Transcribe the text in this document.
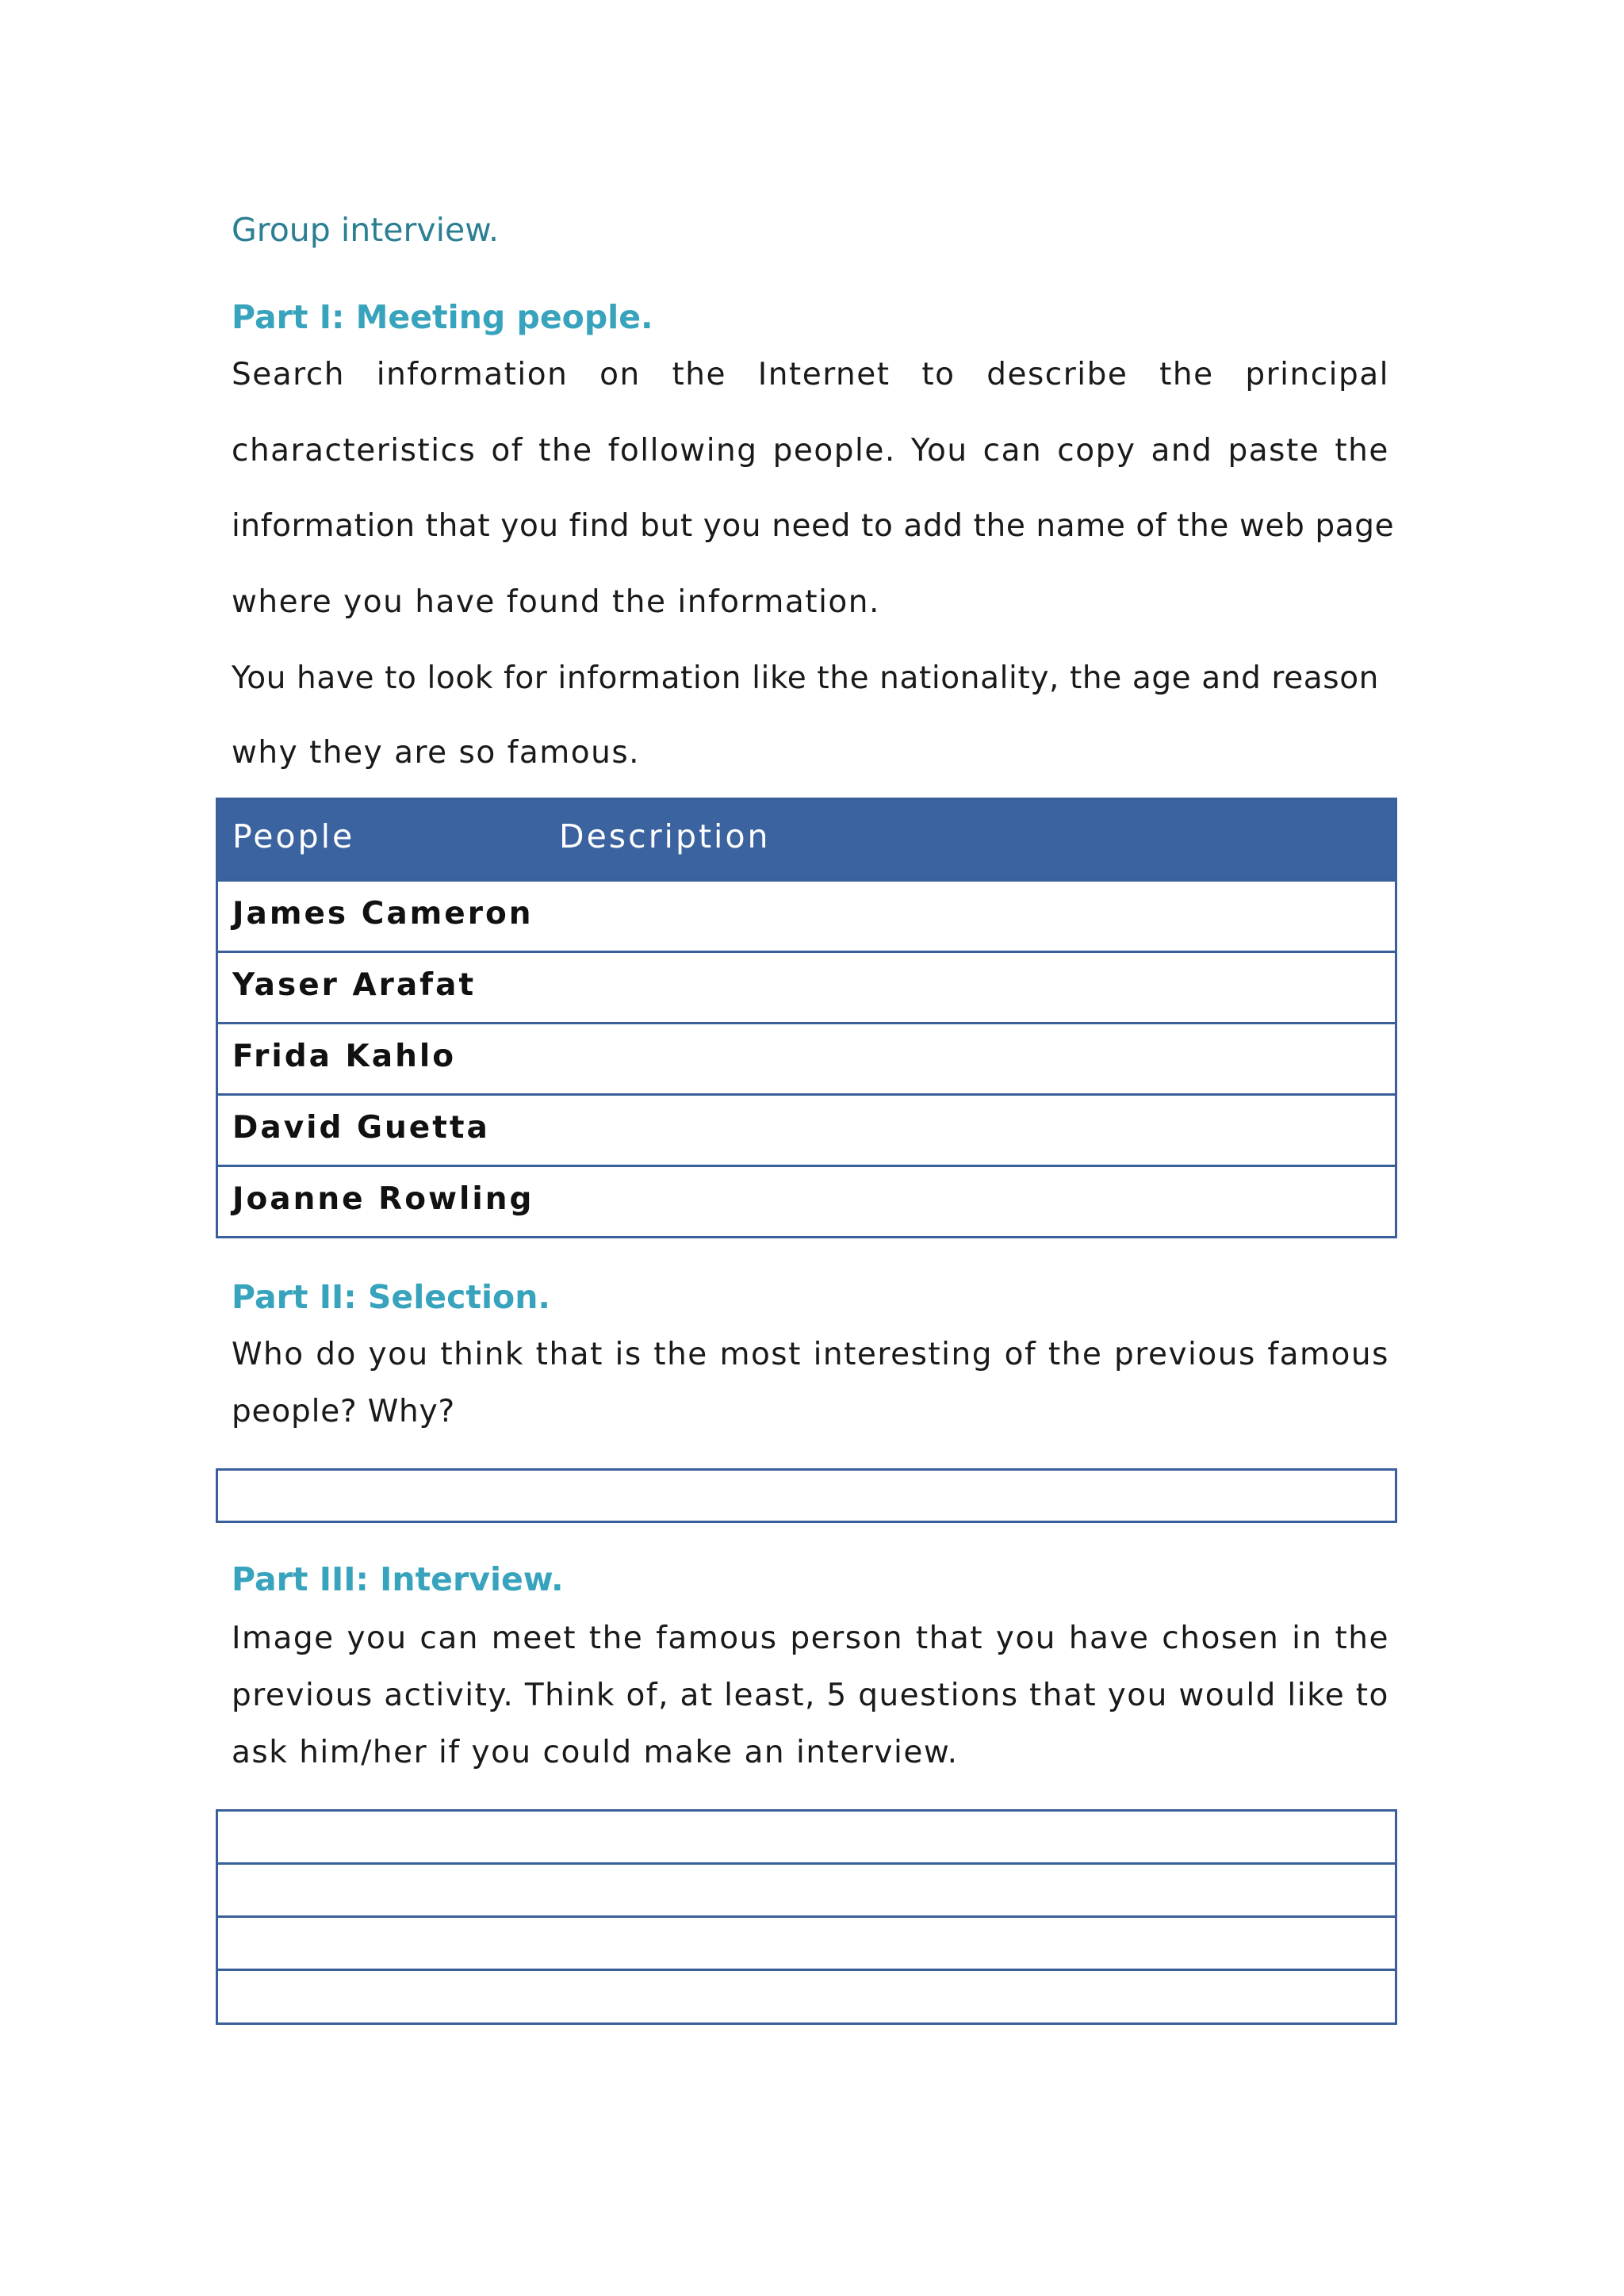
Group interview.
Part I: Meeting people.
Search information on the Internet to describe the principal
characteristics of the following people. You can copy and paste the
information that you find but you need to add the name of the web page
where you have found the information.
You have to look for information like the nationality, the age and reason
why they are so famous.
People	Description
James Cameron
Yaser Arafat
Frida Kahlo
David Guetta
Joanne Rowling
Part II: Selection.
Who do you think that is the most interesting of the previous famous
people? Why?
Part III: Interview.
Image you can meet the famous person that you have chosen in the
previous activity. Think of, at least, 5 questions that you would like to
ask him/her if you could make an interview.
